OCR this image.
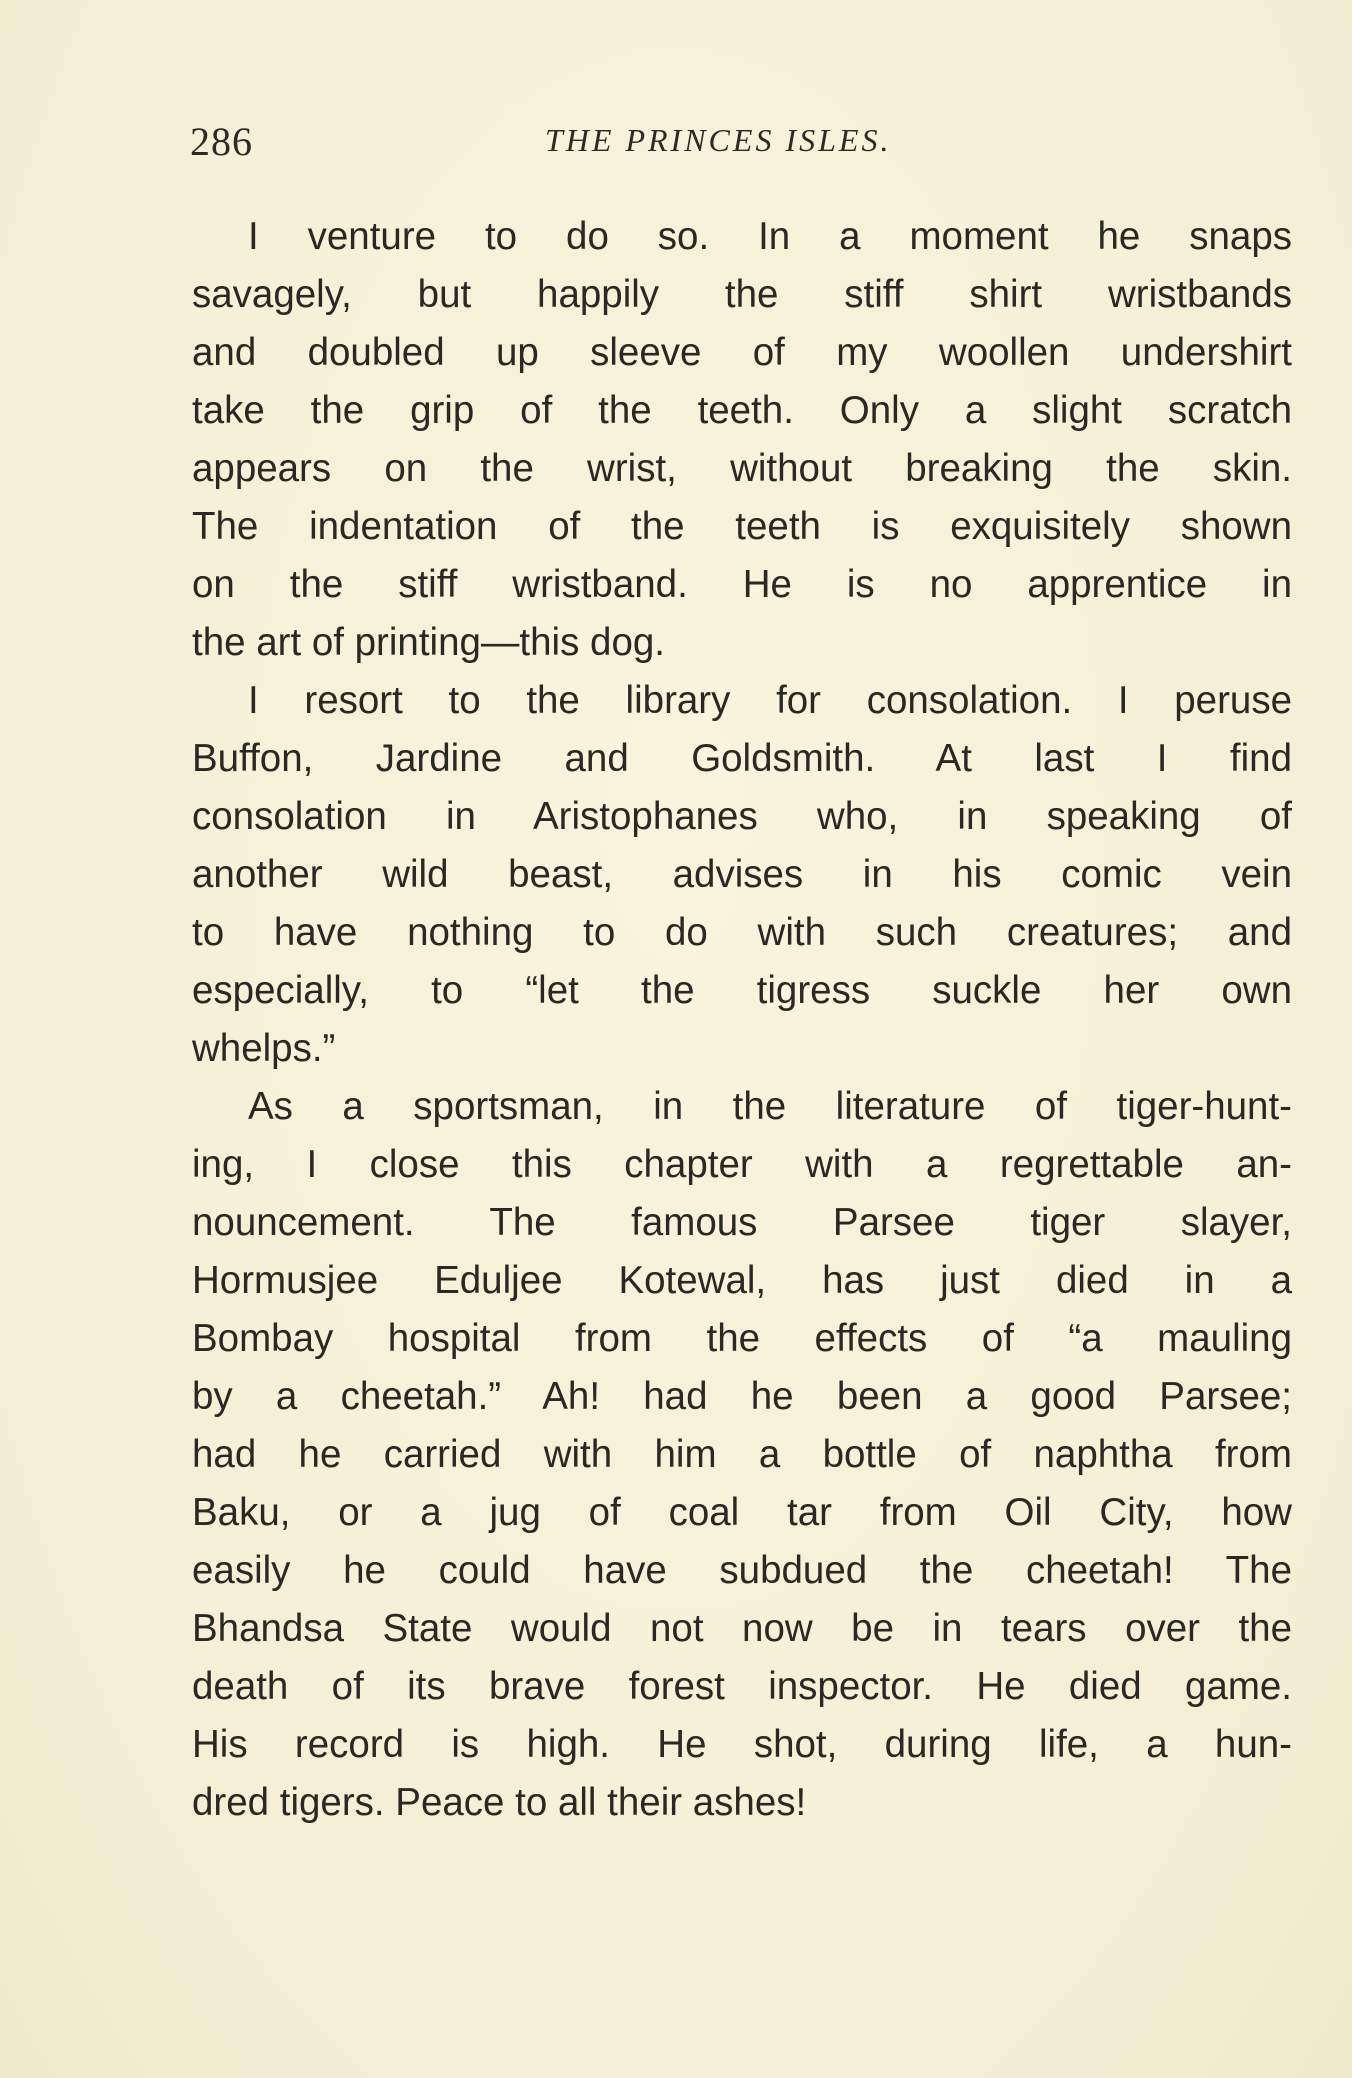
286	THE PRINCES ISLES.
I venture to do so. In a moment he snaps
savagely, but happily the stiff shirt wristbands
and doubled up sleeve of my woollen undershirt
take the grip of the teeth. Only a slight scratch
appears on the wrist, without breaking the skin.
The indentation of the teeth is exquisitely shown
on the stiff wristband. He is no apprentice in
the art of printing—this dog.
I resort to the library for consolation. I peruse
Buffon, Jardine and Goldsmith. At last I find
consolation in Aristophanes who, in speaking of
another wild beast, advises in his comic vein
to have nothing to do with such creatures; and
especially, to “let the tigress suckle her own
whelps.”
As a sportsman, in the literature of tiger-hunt-
ing, I close this chapter with a regrettable an-
nouncement. The famous Parsee tiger slayer,
Hormusjee Eduljee Kotewal, has just died in a
Bombay hospital from the effects of “a mauling
by a cheetah.” Ah! had he been a good Parsee;
had he carried with him a bottle of naphtha from
Baku, or a jug of coal tar from Oil City, how
easily he could have subdued the cheetah! The
Bhandsa State would not now be in tears over the
death of its brave forest inspector. He died game.
His record is high. He shot, during life, a hun-
dred tigers. Peace to all their ashes!
